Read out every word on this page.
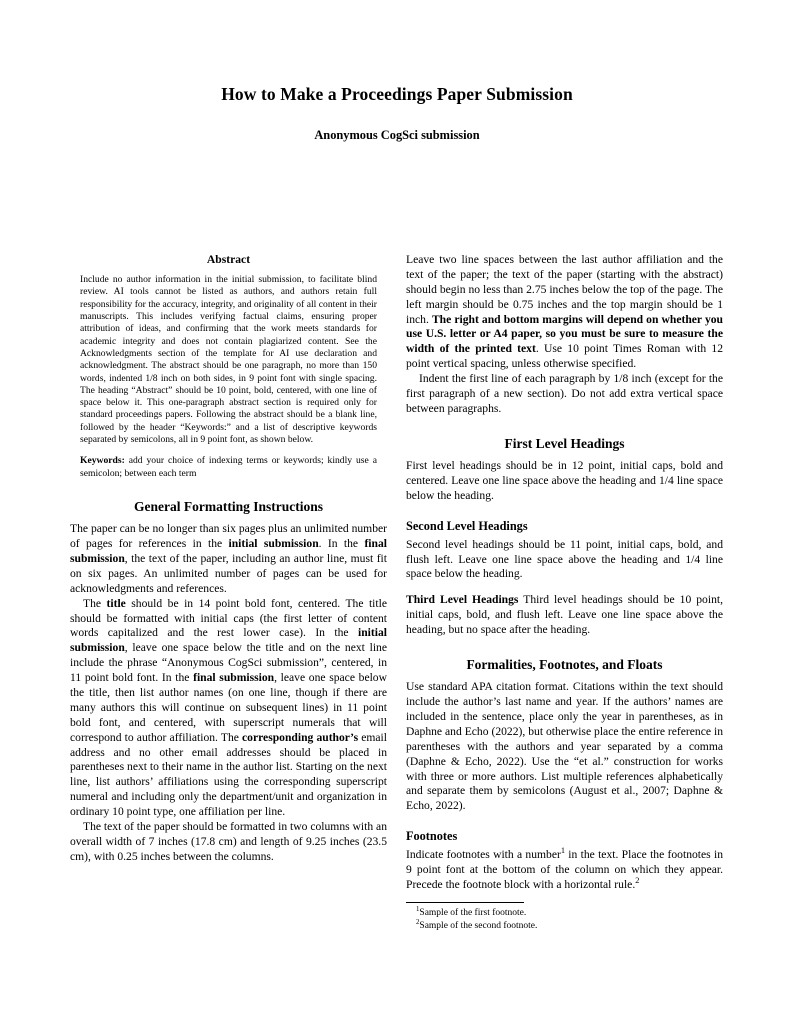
How to Make a Proceedings Paper Submission
Anonymous CogSci submission
Abstract

Include no author information in the initial submission, to facilitate blind review. AI tools cannot be listed as authors, and authors retain full responsibility for the accuracy, integrity, and originality of all content in their manuscripts. This includes verifying factual claims, ensuring proper attribution of ideas, and confirming that the work meets standards for academic integrity and does not contain plagiarized content. See the Acknowledgments section of the template for AI use declaration and acknowledgment. The abstract should be one paragraph, no more than 150 words, indented 1/8 inch on both sides, in 9 point font with single spacing. The heading “Abstract” should be 10 point, bold, centered, with one line of space below it. This one-paragraph abstract section is required only for standard proceedings papers. Following the abstract should be a blank line, followed by the header “Keywords:” and a list of descriptive keywords separated by semicolons, all in 9 point font, as shown below.

Keywords: add your choice of indexing terms or keywords; kindly use a semicolon; between each term

General Formatting Instructions

The paper can be no longer than six pages plus an unlimited number of pages for references in the initial submission. In the final submission, the text of the paper, including an author line, must fit on six pages. An unlimited number of pages can be used for acknowledgments and references.

The title should be in 14 point bold font, centered. The title should be formatted with initial caps (the first letter of content words capitalized and the rest lower case). In the initial submission, leave one space below the title and on the next line include the phrase “Anonymous CogSci submission”, centered, in 11 point bold font. In the final submission, leave one space below the title, then list author names (on one line, though if there are many authors this will continue on subsequent lines) in 11 point bold font, and centered, with superscript numerals that will correspond to author affiliation. The corresponding author’s email address and no other email addresses should be placed in parentheses next to their name in the author list. Starting on the next line, list authors’ affiliations using the corresponding superscript numeral and including only the department/unit and organization in ordinary 10 point type, one affiliation per line.

The text of the paper should be formatted in two columns with an overall width of 7 inches (17.8 cm) and length of 9.25 inches (23.5 cm), with 0.25 inches between the columns.

Leave two line spaces between the last author affiliation and the text of the paper; the text of the paper (starting with the abstract) should begin no less than 2.75 inches below the top of the page. The left margin should be 0.75 inches and the top margin should be 1 inch. The right and bottom margins will depend on whether you use U.S. letter or A4 paper, so you must be sure to measure the width of the printed text. Use 10 point Times Roman with 12 point vertical spacing, unless otherwise specified.

Indent the first line of each paragraph by 1/8 inch (except for the first paragraph of a new section). Do not add extra vertical space between paragraphs.

First Level Headings

First level headings should be in 12 point, initial caps, bold and centered. Leave one line space above the heading and 1/4 line space below the heading.

Second Level Headings

Second level headings should be 11 point, initial caps, bold, and flush left. Leave one line space above the heading and 1/4 line space below the heading.

Third Level Headings Third level headings should be 10 point, initial caps, bold, and flush left. Leave one line space above the heading, but no space after the heading.

Formalities, Footnotes, and Floats

Use standard APA citation format. Citations within the text should include the author’s last name and year. If the authors’ names are included in the sentence, place only the year in parentheses, as in Daphne and Echo (2022), but otherwise place the entire reference in parentheses with the authors and year separated by a comma (Daphne & Echo, 2022). Use the “et al.” construction for works with three or more authors. List multiple references alphabetically and separate them by semicolons (August et al., 2007; Daphne & Echo, 2022).

Footnotes

Indicate footnotes with a number$^1$ in the text. Place the footnotes in 9 point font at the bottom of the column on which they appear. Precede the footnote block with a horizontal rule.$^2$

$^1$Sample of the first footnote.
$^2$Sample of the second footnote.
